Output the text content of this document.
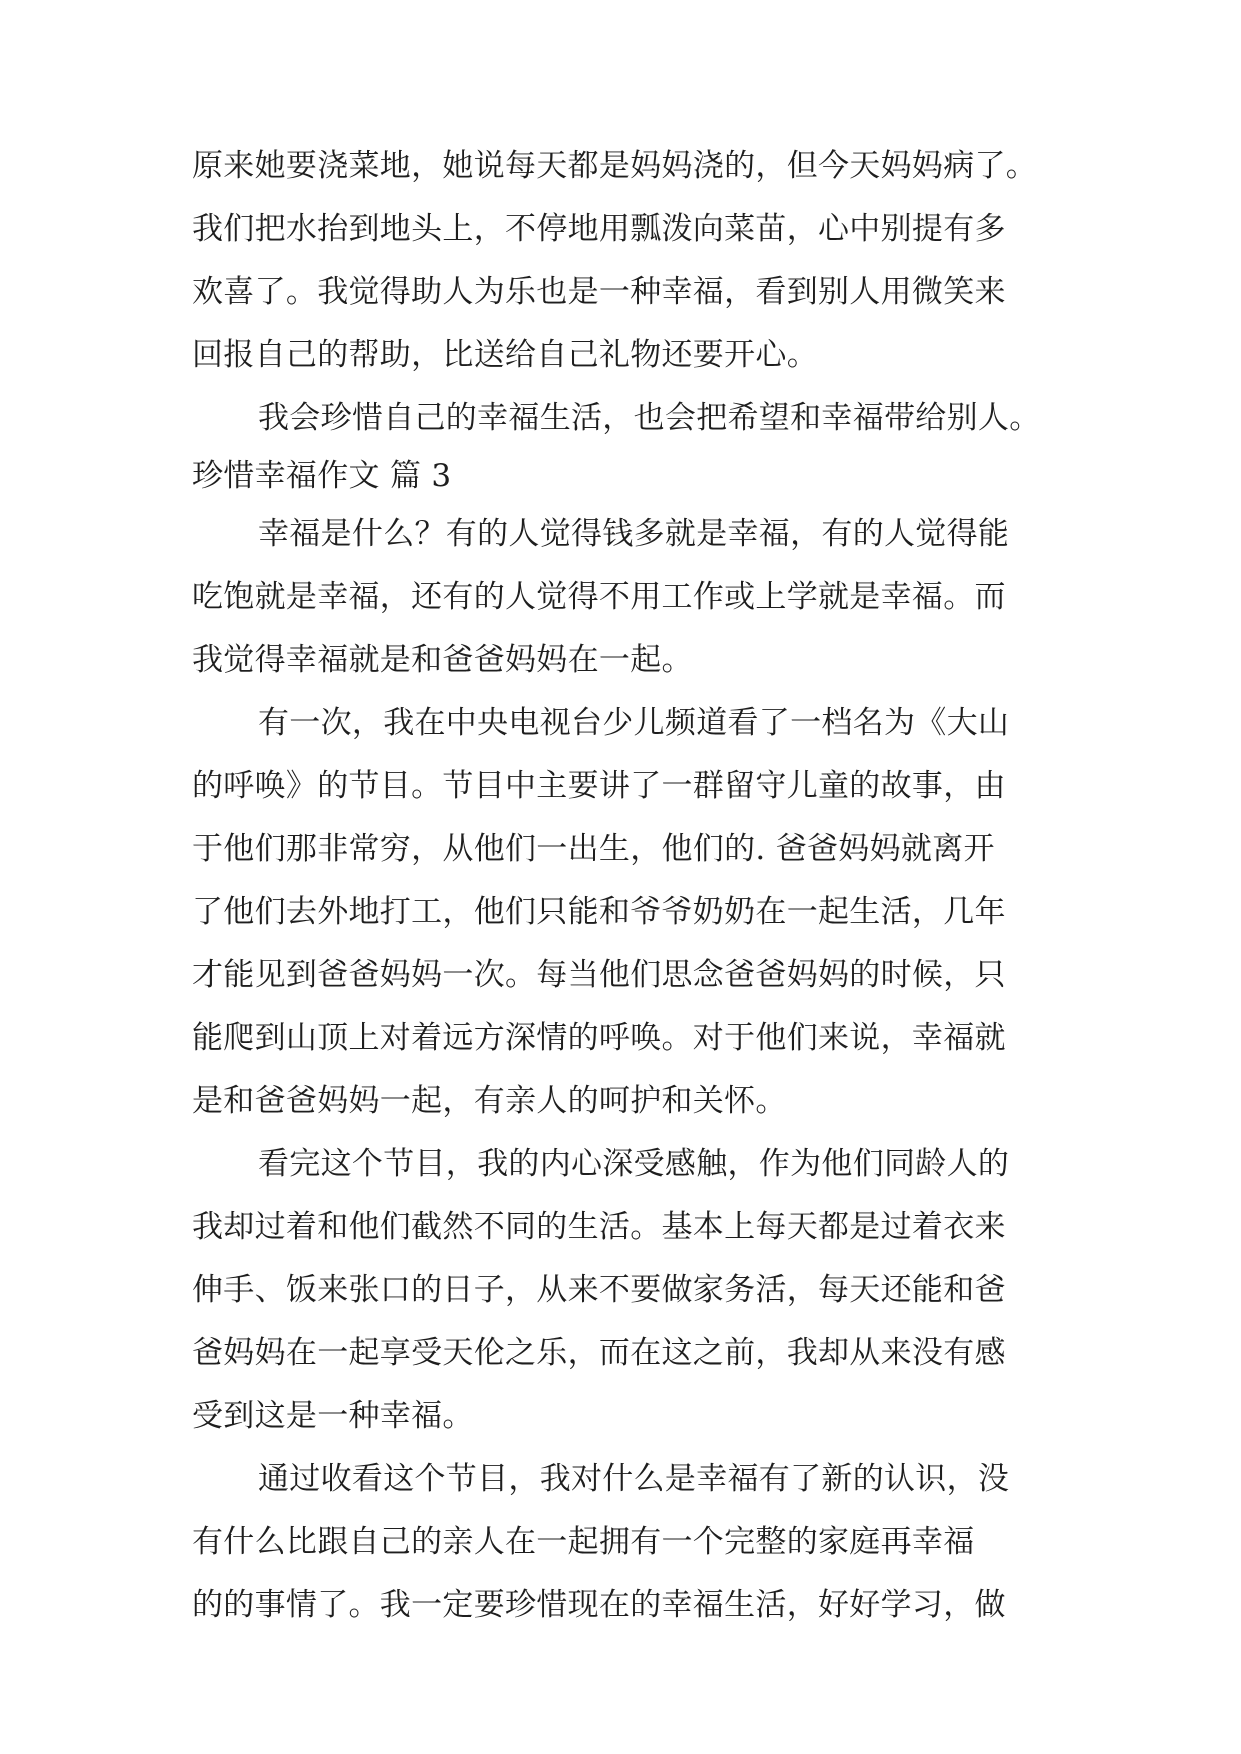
原来她要浇菜地，她说每天都是妈妈浇的，但今天妈妈病了。
我们把水抬到地头上，不停地用瓢泼向菜苗，心中别提有多
欢喜了。我觉得助人为乐也是一种幸福，看到别人用微笑来
回报自己的帮助，比送给自己礼物还要开心。
我会珍惜自己的幸福生活，也会把希望和幸福带给别人。
珍惜幸福作文 篇 3
幸福是什么？有的人觉得钱多就是幸福，有的人觉得能
吃饱就是幸福，还有的人觉得不用工作或上学就是幸福。而
我觉得幸福就是和爸爸妈妈在一起。
有一次，我在中央电视台少儿频道看了一档名为《大山
的呼唤》的节目。节目中主要讲了一群留守儿童的故事，由
于他们那非常穷，从他们一出生，他们的. 爸爸妈妈就离开
了他们去外地打工，他们只能和爷爷奶奶在一起生活，几年
才能见到爸爸妈妈一次。每当他们思念爸爸妈妈的时候，只
能爬到山顶上对着远方深情的呼唤。对于他们来说，幸福就
是和爸爸妈妈一起，有亲人的呵护和关怀。
看完这个节目，我的内心深受感触，作为他们同龄人的
我却过着和他们截然不同的生活。基本上每天都是过着衣来
伸手、饭来张口的日子，从来不要做家务活，每天还能和爸
爸妈妈在一起享受天伦之乐，而在这之前，我却从来没有感
受到这是一种幸福。
通过收看这个节目，我对什么是幸福有了新的认识，没
有什么比跟自己的亲人在一起拥有一个完整的家庭再幸福
的的事情了。我一定要珍惜现在的幸福生活，好好学习，做
